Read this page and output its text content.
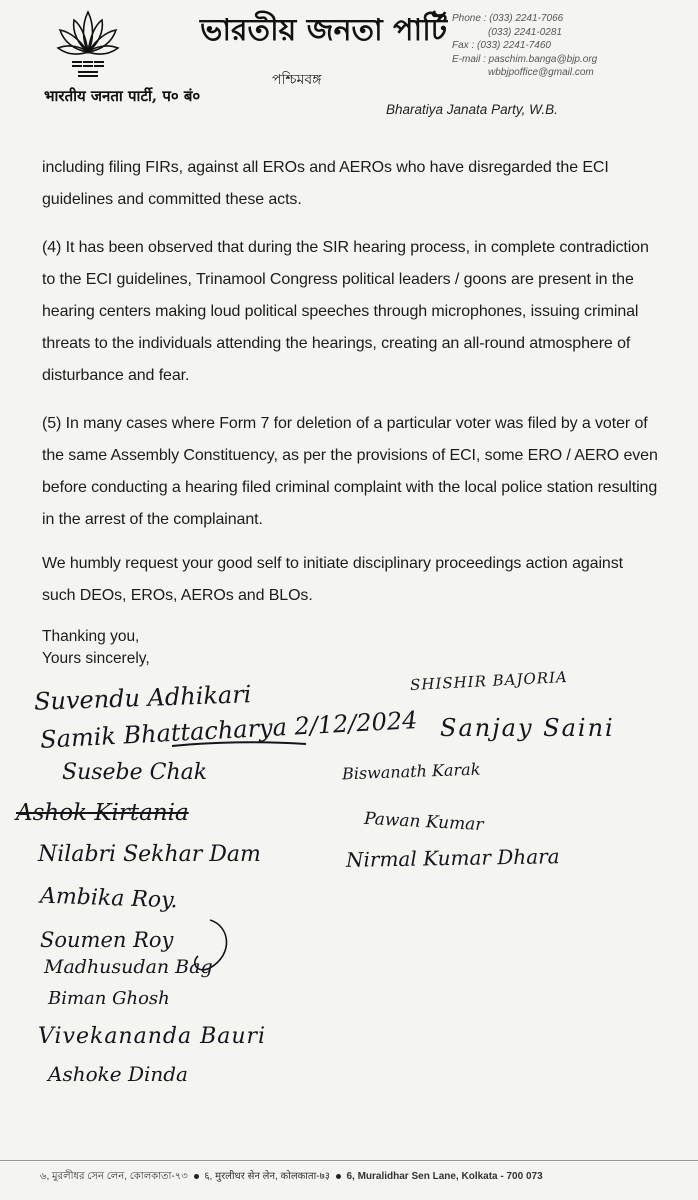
भारतीय जनता पार्टी, प० बं०
ভারতীয় জনতা পার্টি
পশ্চিমবঙ্গ
Phone : (033) 2241-7066
(033) 2241-0281
Fax : (033) 2241-7460
E-mail : paschim.banga@bjp.org
wbbjpoffice@gmail.com
Bharatiya Janata Party, W.B.
including filing FIRs, against all EROs and AEROs who have disregarded the ECI guidelines and committed these acts.
(4) It has been observed that during the SIR hearing process, in complete contradiction to the ECI guidelines, Trinamool Congress political leaders / goons are present in the hearing centers making loud political speeches through microphones, issuing criminal threats to the individuals attending the hearings, creating an all-round atmosphere of disturbance and fear.
(5) In many cases where Form 7 for deletion of a particular voter was filed by a voter of the same Assembly Constituency, as per the provisions of ECI, some ERO / AERO even before conducting a hearing filed criminal complaint with the local police station resulting in the arrest of the complainant.
We humbly request your good self to initiate disciplinary proceedings action against such DEOs, EROs, AEROs and BLOs.
Thanking you,
Yours sincerely,
Suvendu Adhikari
Samik Bhattacharya 2/12/2024
Susebe Chak
Ashok Kirtania
Nilabri Sekhar Dam
Ambika Roy.
Soumen Roy
Madhusudan Bag
Biman Ghosh
Vivekananda Bauri
Ashoke Dinda
SHISHIR BAJORIA
Sanjay Saini
Biswanath Karak
Pawan Kumar
Nirmal Kumar Dhara
৬, মুরলীধর সেন লেন, কোলকাতা-৭৩ ६, मुरलीधर सेन लेन, कोलकाता-७३ 6, Muralidhar Sen Lane, Kolkata - 700 073
